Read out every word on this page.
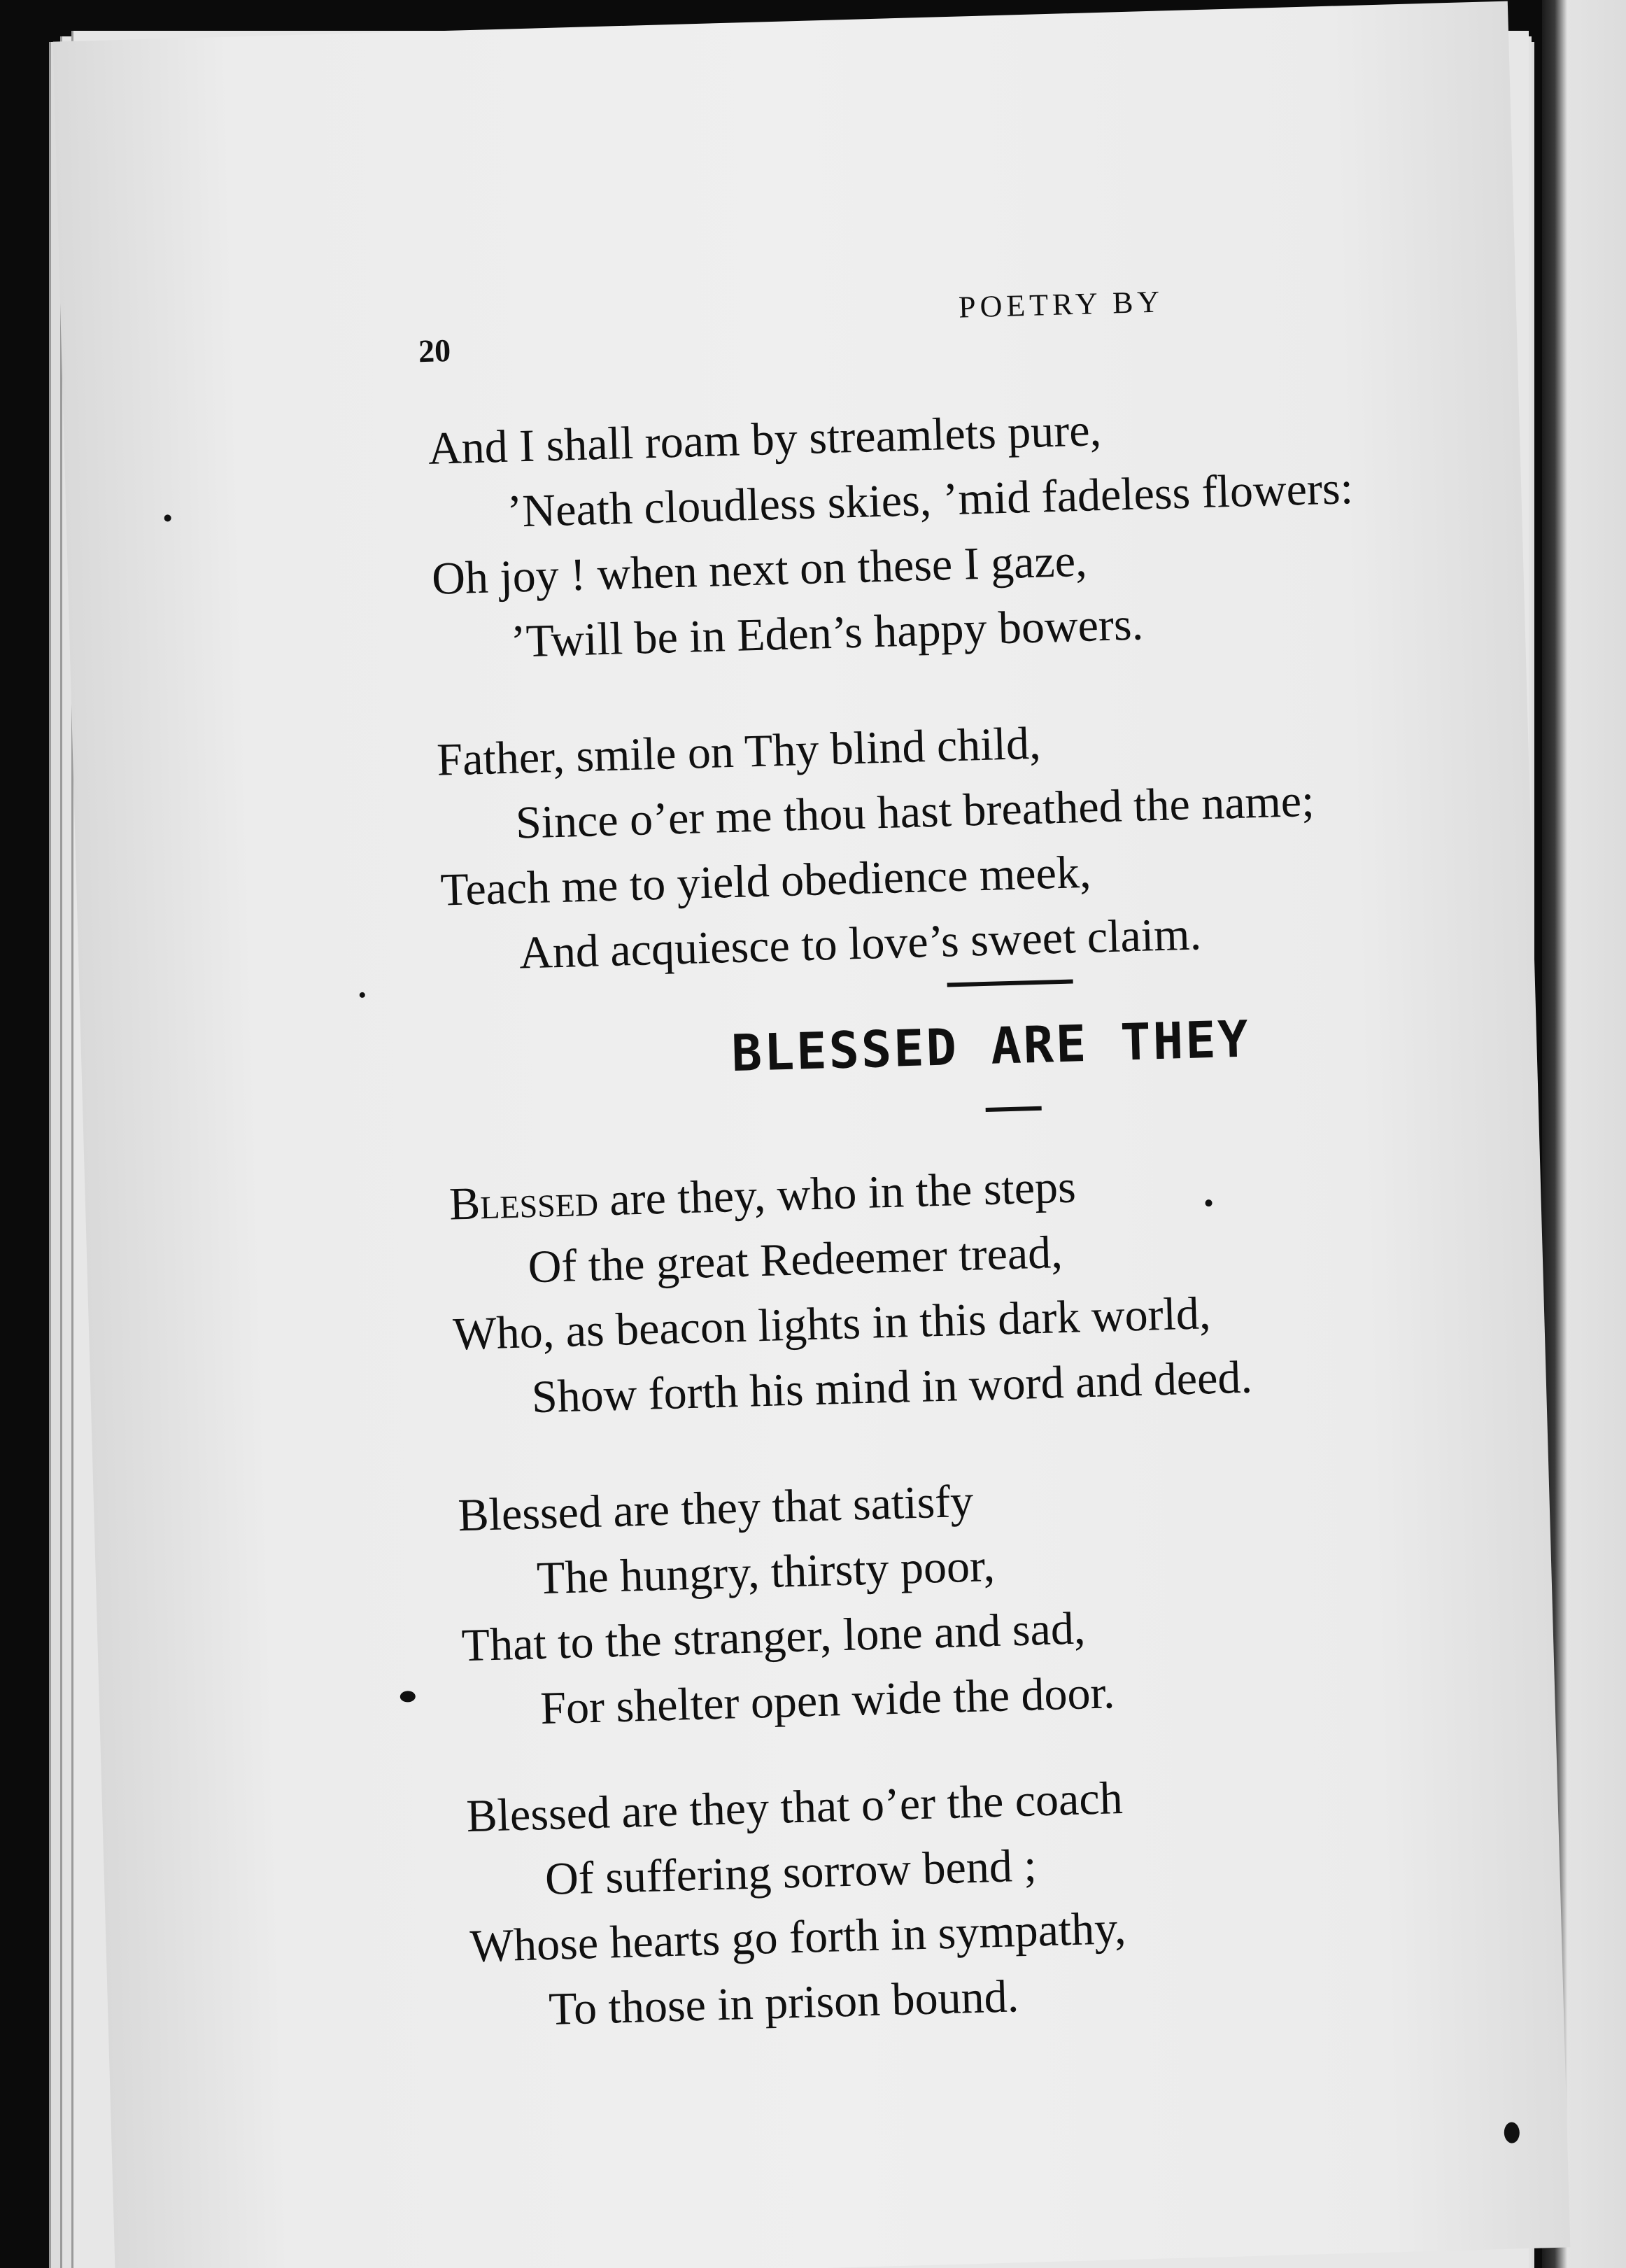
20
POETRY BY
And I shall roam by streamlets pure,
’Neath cloudless skies, ’mid fadeless flowers:
Oh joy ! when next on these I gaze,
’Twill be in Eden’s happy bowers.
Father, smile on Thy blind child,
Since o’er me thou hast breathed the name;
Teach me to yield obedience meek,
And acquiesce to love’s sweet claim.
BLESSED ARE THEY
Blessed are they, who in the steps
Of the great Redeemer tread,
Who, as beacon lights in this dark world,
Show forth his mind in word and deed.
Blessed are they that satisfy
The hungry, thirsty poor,
That to the stranger, lone and sad,
For shelter open wide the door.
Blessed are they that o’er the coach
Of suffering sorrow bend ;
Whose hearts go forth in sympathy,
To those in prison bound.
